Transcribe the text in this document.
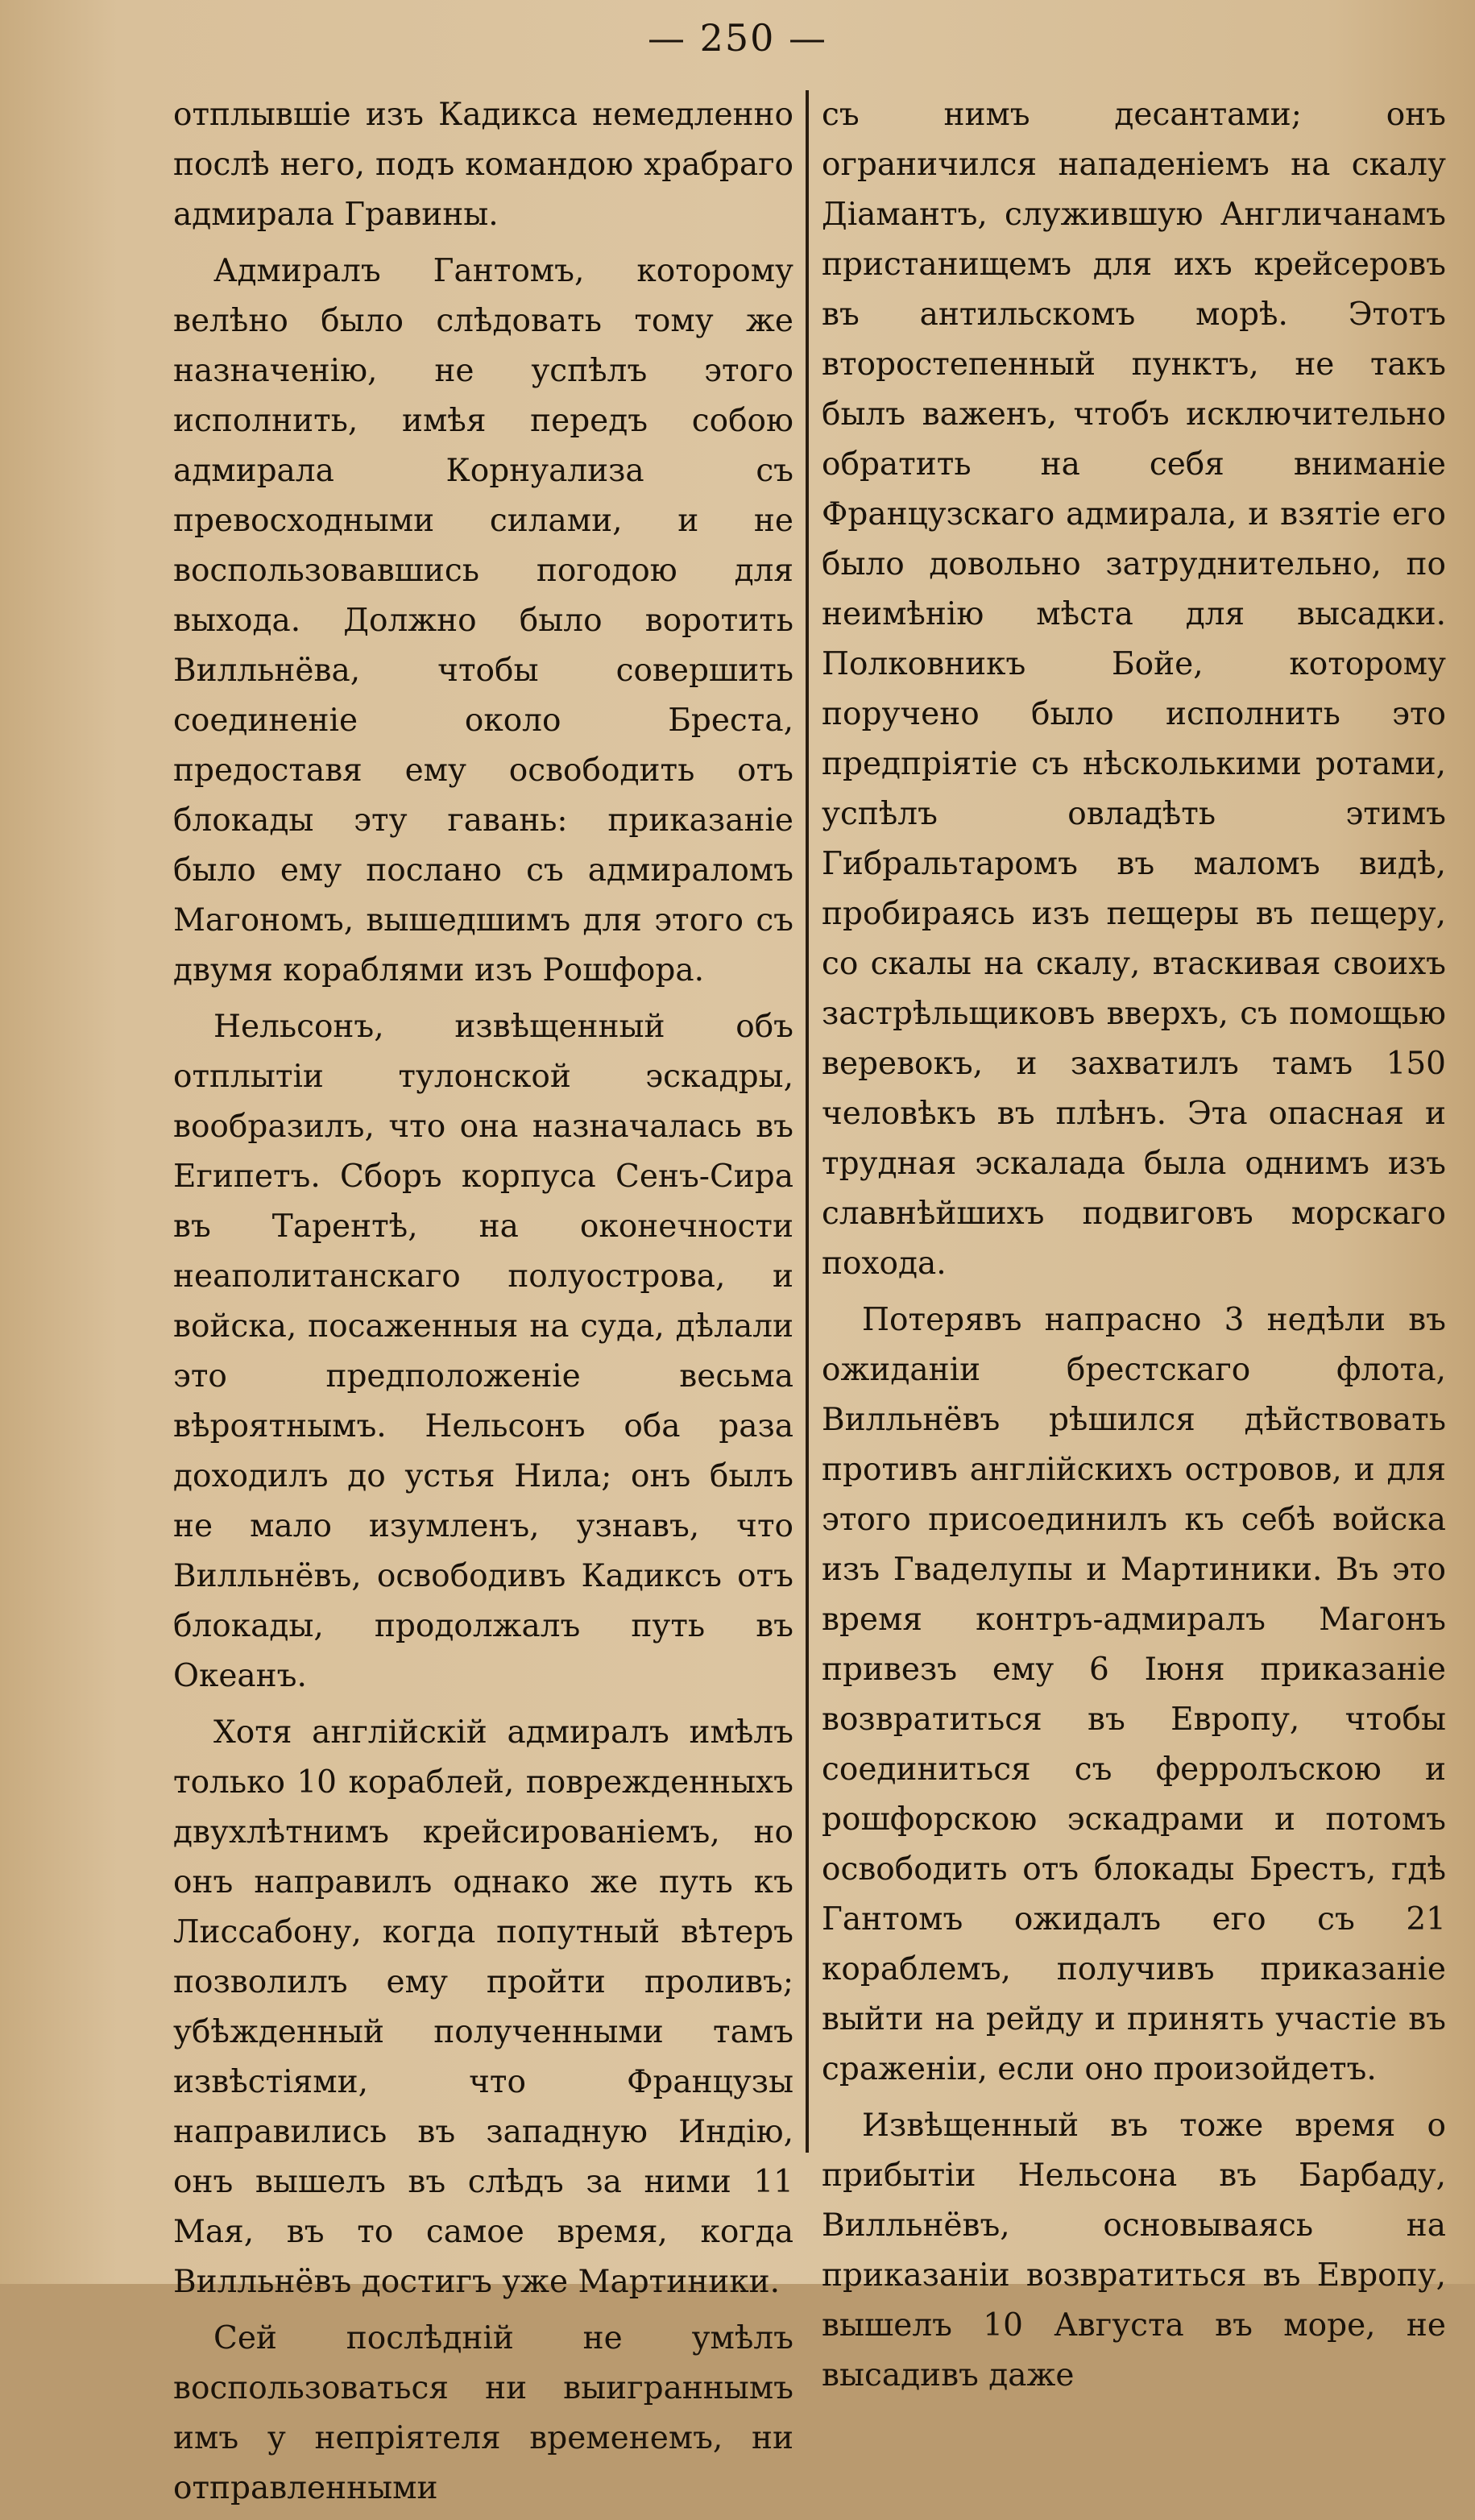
— 250 —

отплывшіе изъ Кадикса немедленно послѣ него, подъ командою храбраго адмирала Гравины.

Адмиралъ Гантомъ, которому велѣно было слѣдовать тому же назначенію, не успѣлъ этого исполнить, имѣя передъ собою адмирала Корнуализа съ превосходными силами, и не воспользовавшись погодою для выхода. Должно было воротить Вилльнёва, чтобы совершить соединеніе около Бреста, предоставя ему освободить отъ блокады эту гавань: приказаніе было ему послано съ адмираломъ Магономъ, вышедшимъ для этого съ двумя кораблями изъ Рошфора.

Нельсонъ, извѣщенный объ отплытіи тулонской эскадры, вообразилъ, что она назначалась въ Египетъ. Сборъ корпуса Сенъ-Сира въ Тарентѣ, на оконечности неаполитанскаго полуострова, и войска, посаженныя на суда, дѣлали это предположеніе весьма вѣроятнымъ. Нельсонъ оба раза доходилъ до устья Нила; онъ былъ не мало изумленъ, узнавъ, что Вилльнёвъ, освободивъ Кадиксъ отъ блокады, продолжалъ путь въ Океанъ.

Хотя англійскій адмиралъ имѣлъ только 10 кораблей, поврежденныхъ двухлѣтнимъ крейсированіемъ, но онъ направилъ однако же путь къ Лиссабону, когда попутный вѣтеръ позволилъ ему пройти проливъ; убѣжденный полученными тамъ извѣстіями, что Французы направились въ западную Индію, онъ вышелъ въ слѣдъ за ними 11 Мая, въ то самое время, когда Вилльнёвъ достигъ уже Мартиники.

Сей послѣдній не умѣлъ воспользоваться ни выиграннымъ имъ у непріятеля временемъ, ни отправленными

съ нимъ десантами; онъ ограничился нападеніемъ на скалу Діамантъ, служившую Англичанамъ пристанищемъ для ихъ крейсеровъ въ антильскомъ морѣ. Этотъ второстепенный пунктъ, не такъ былъ важенъ, чтобъ исключительно обратить на себя вниманіе Французскаго адмирала, и взятіе его было довольно затруднительно, по неимѣнію мѣста для высадки. Полковникъ Бойе, которому поручено было исполнить это предпріятіе съ нѣсколькими ротами, успѣлъ овладѣть этимъ Гибральтаромъ въ маломъ видѣ, пробираясь изъ пещеры въ пещеру, со скалы на скалу, втаскивая своихъ застрѣльщиковъ вверхъ, съ помощью веревокъ, и захватилъ тамъ 150 человѣкъ въ плѣнъ. Эта опасная и трудная эскалада была однимъ изъ славнѣйшихъ подвиговъ морскаго похода.

Потерявъ напрасно 3 недѣли въ ожиданіи брестскаго флота, Вилльнёвъ рѣшился дѣйствовать противъ англійскихъ островов, и для этого присоединилъ къ себѣ войска изъ Гваделупы и Мартиники. Въ это время контръ-адмиралъ Магонъ привезъ ему 6 Іюня приказаніе возвратиться въ Европу, чтобы соединиться съ ферролъскою и рошфорскою эскадрами и потомъ освободить отъ блокады Брестъ, гдѣ Гантомъ ожидалъ его съ 21 кораблемъ, получивъ приказаніе выйти на рейду и принять участіе въ сраженіи, если оно произойдетъ.

Извѣщенный въ тоже время о прибытіи Нельсона въ Барбаду, Вилльнёвъ, основываясь на приказаніи возвратиться въ Европу, вышелъ 10 Августа въ море, не высадивъ даже
